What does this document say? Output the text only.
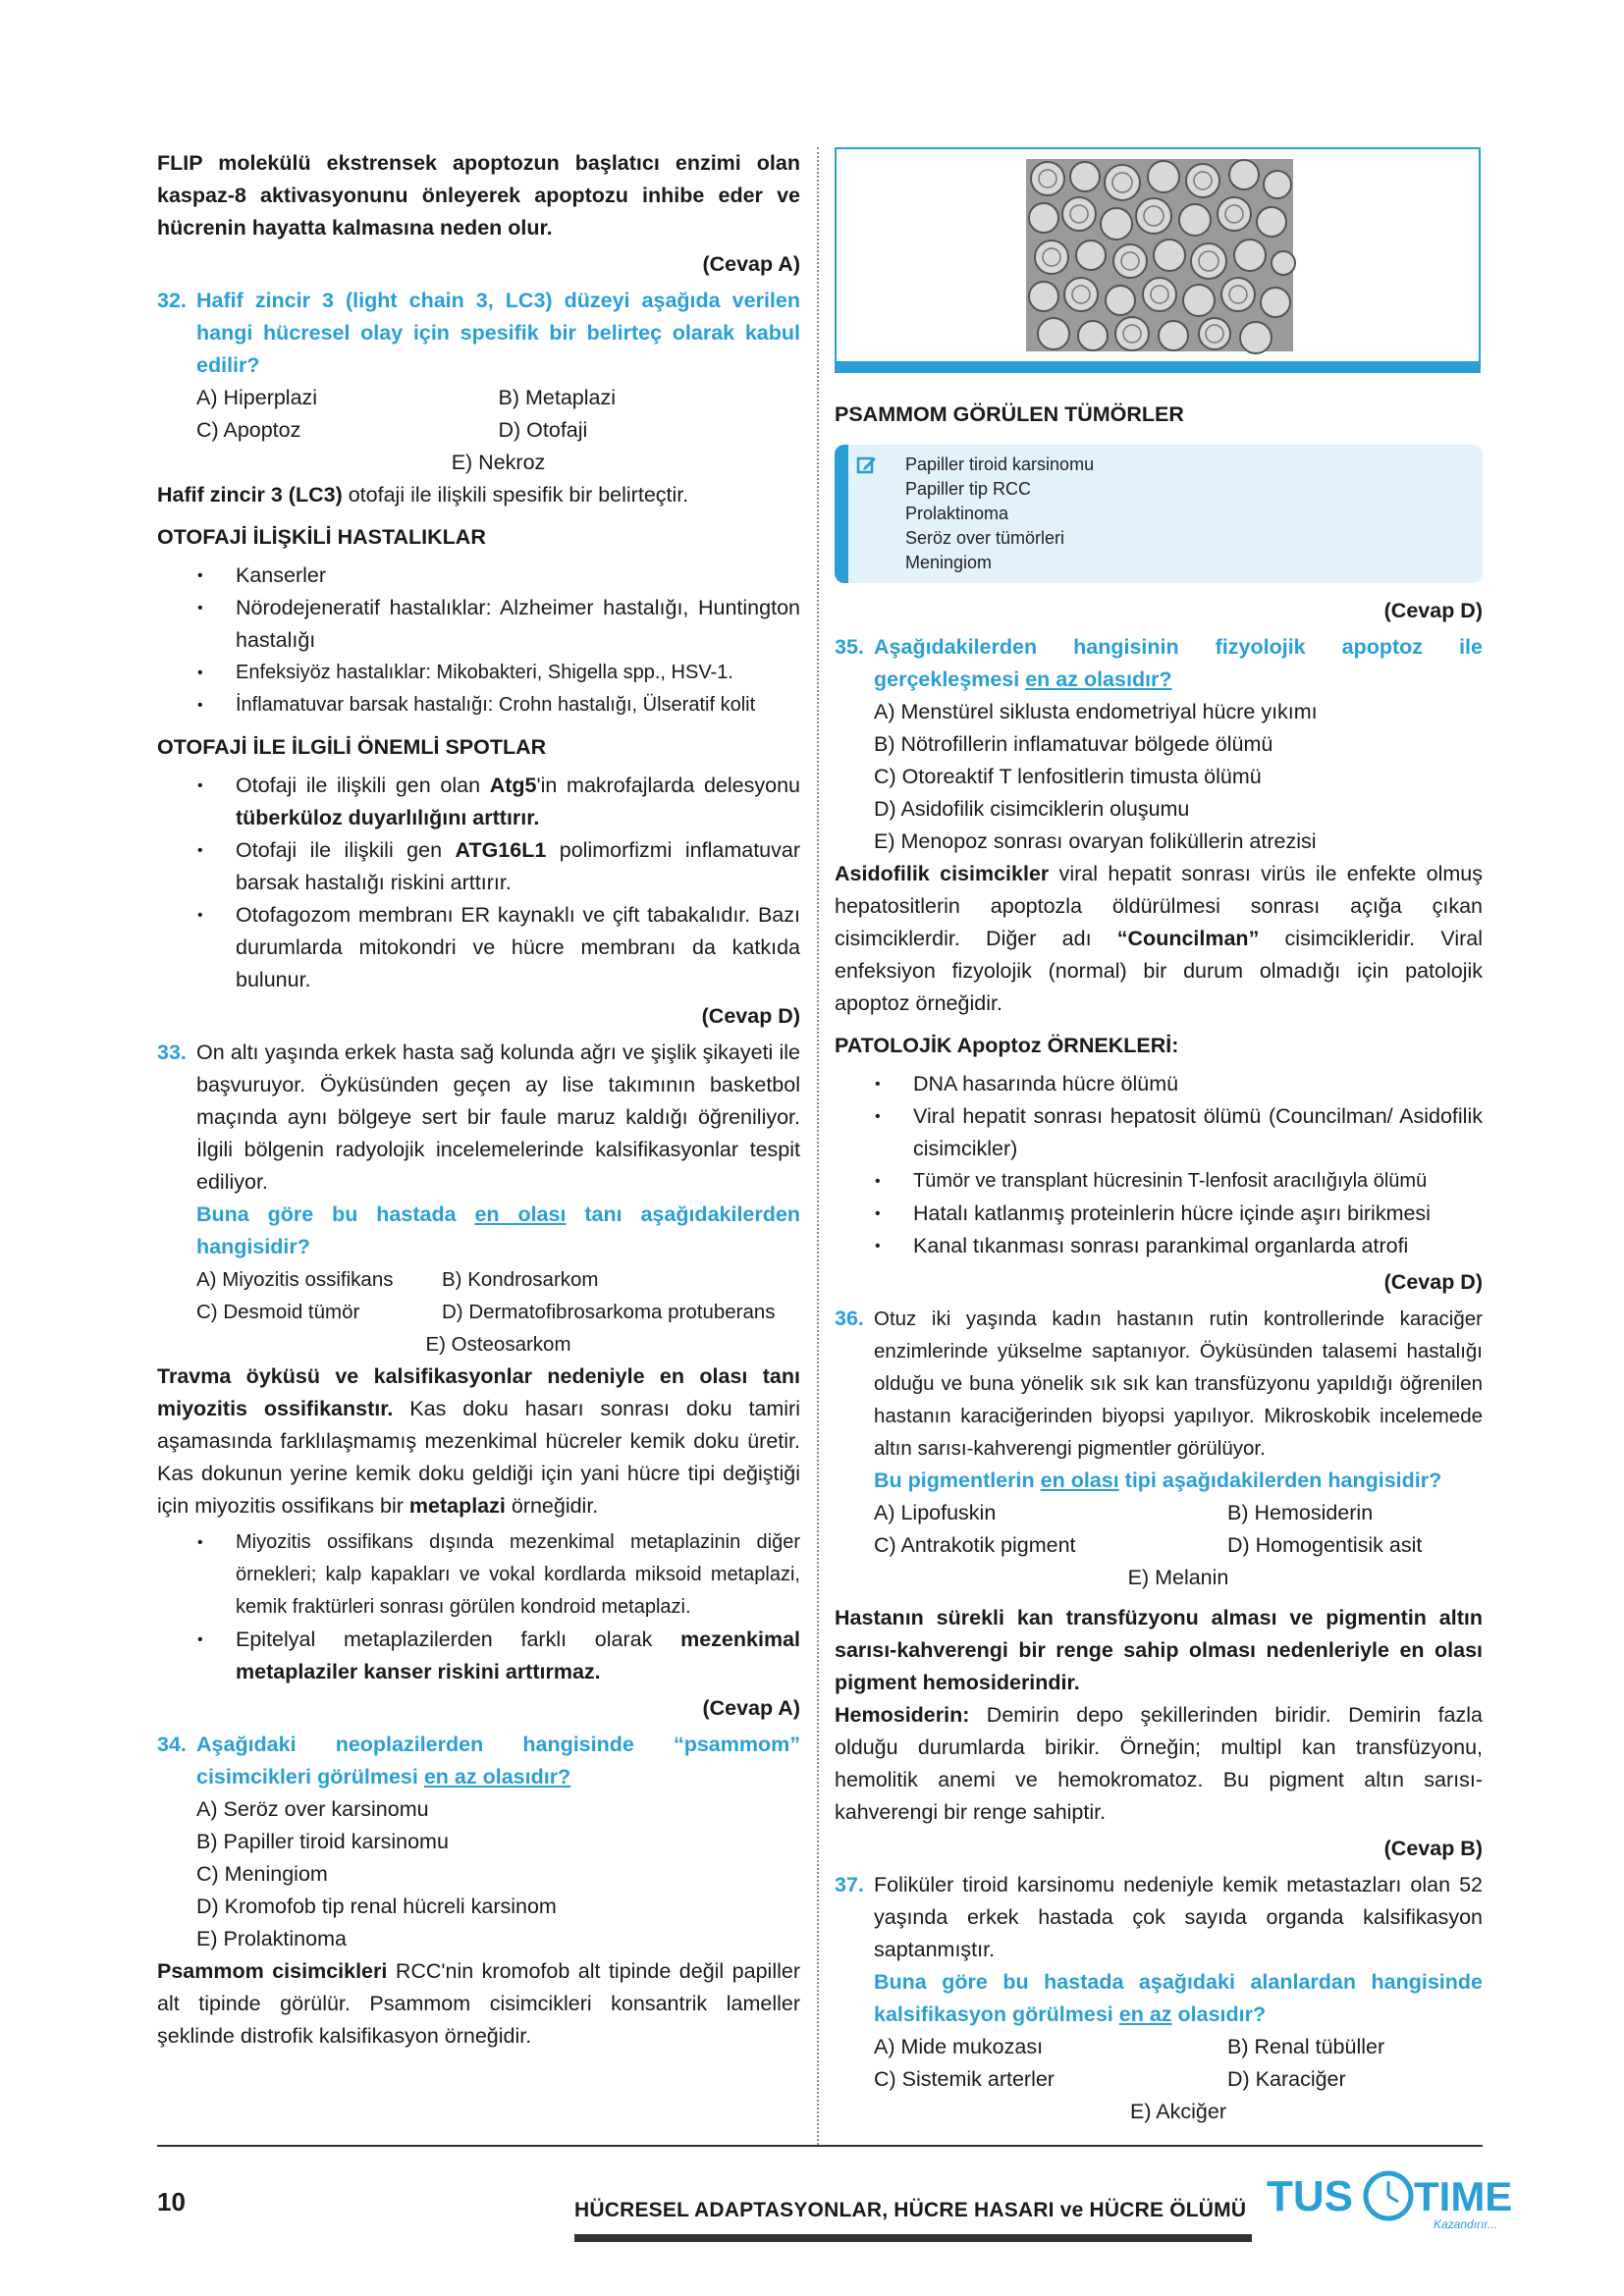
FLIP molekülü ekstrensek apoptozun başlatıcı enzimi olan kaspaz-8 aktivasyonunu önleyerek apoptozu inhibe eder ve hücrenin hayatta kalmasına neden olur.

(Cevap A)

32. Hafif zincir 3 (light chain 3, LC3) düzeyi aşağıda verilen hangi hücresel olay için spesifik bir belirteç olarak kabul edilir?
A) Hiperplazi	B) Metaplazi
C) Apoptoz	D) Otofaji
E) Nekroz

Hafif zincir 3 (LC3) otofaji ile ilişkili spesifik bir belirteçtir.

OTOFAJİ İLİŞKİLİ HASTALIKLAR
• Kanserler
• Nörodejeneratif hastalıklar: Alzheimer hastalığı, Huntington hastalığı
• Enfeksiyöz hastalıklar: Mikobakteri, Shigella spp., HSV-1.
• İnflamatuvar barsak hastalığı: Crohn hastalığı, Ülseratif kolit
OTOFAJİ İLE İLGİLİ ÖNEMLİ SPOTLAR
• Otofaji ile ilişkili gen olan Atg5'in makrofajlarda delesyonu tüberküloz duyarlılığını arttırır.
• Otofaji ile ilişkili gen ATG16L1 polimorfizmi inflamatuvar barsak hastalığı riskini arttırır.
• Otofagozom membranı ER kaynaklı ve çift tabakalıdır. Bazı durumlarda mitokondri ve hücre membranı da katkıda bulunur.

(Cevap D)

33. On altı yaşında erkek hasta sağ kolunda ağrı ve şişlik şikayeti ile başvuruyor. Öyküsünden geçen ay lise takımının basketbol maçında aynı bölgeye sert bir faule maruz kaldığı öğreniliyor. İlgili bölgenin radyolojik incelemelerinde kalsifikasyonlar tespit ediliyor.
Buna göre bu hastada en olası tanı aşağıdakilerden hangisidir?
A) Miyozitis ossifikans	B) Kondrosarkom
C) Desmoid tümör	D) Dermatofibrosarkoma protuberans
E) Osteosarkom

Travma öyküsü ve kalsifikasyonlar nedeniyle en olası tanı miyozitis ossifikanstır. Kas doku hasarı sonrası doku tamiri aşamasında farklılaşmamış mezenkimal hücreler kemik doku üretir. Kas dokunun yerine kemik doku geldiği için yani hücre tipi değiştiği için miyozitis ossifikans bir metaplazi örneğidir.

• Miyozitis ossifikans dışında mezenkimal metaplazinin diğer örnekleri; kalp kapakları ve vokal kordlarda miksoid metaplazi, kemik fraktürleri sonrası görülen kondroid metaplazi.
• Epitelyal metaplazilerden farklı olarak mezenkimal metaplaziler kanser riskini arttırmaz.

(Cevap A)

34. Aşağıdaki neoplazilerden hangisinde “psammom” cisimcikleri görülmesi en az olasıdır?
A) Seröz over karsinomu
B) Papiller tiroid karsinomu
C) Meningiom
D) Kromofob tip renal hücreli karsinom
E) Prolaktinoma

Psammom cisimcikleri RCC'nin kromofob alt tipinde değil papiller alt tipinde görülür. Psammom cisimcikleri konsantrik lameller şeklinde distrofik kalsifikasyon örneğidir.

PSAMMOM GÖRÜLEN TÜMÖRLER
Papiller tiroid karsinomu
Papiller tip RCC
Prolaktinoma
Seröz over tümörleri
Meningiom

(Cevap D)

35. Aşağıdakilerden hangisinin fizyolojik apoptoz ile gerçekleşmesi en az olasıdır?
A) Menstürel siklusta endometriyal hücre yıkımı
B) Nötrofillerin inflamatuvar bölgede ölümü
C) Otoreaktif T lenfositlerin timusta ölümü
D) Asidofilik cisimciklerin oluşumu
E) Menopoz sonrası ovaryan foliküllerin atrezisi

Asidofilik cisimcikler viral hepatit sonrası virüs ile enfekte olmuş hepatositlerin apoptozla öldürülmesi sonrası açığa çıkan cisimciklerdir. Diğer adı “Councilman” cisimcikleridir. Viral enfeksiyon fizyolojik (normal) bir durum olmadığı için patolojik apoptoz örneğidir.

PATOLOJİK Apoptoz ÖRNEKLERİ:
• DNA hasarında hücre ölümü
• Viral hepatit sonrası hepatosit ölümü (Councilman/ Asidofilik cisimcikler)
• Tümör ve transplant hücresinin T-lenfosit aracılığıyla ölümü
• Hatalı katlanmış proteinlerin hücre içinde aşırı birikmesi
• Kanal tıkanması sonrası parankimal organlarda atrofi

(Cevap D)

36. Otuz iki yaşında kadın hastanın rutin kontrollerinde karaciğer enzimlerinde yükselme saptanıyor. Öyküsünden talasemi hastalığı olduğu ve buna yönelik sık sık kan transfüzyonu yapıldığı öğrenilen hastanın karaciğerinden biyopsi yapılıyor. Mikroskobik incelemede altın sarısı-kahverengi pigmentler görülüyor.
Bu pigmentlerin en olası tipi aşağıdakilerden hangisidir?
A) Lipofuskin	B) Hemosiderin
C) Antrakotik pigment	D) Homogentisik asit
E) Melanin

Hastanın sürekli kan transfüzyonu alması ve pigmentin altın sarısı-kahverengi bir renge sahip olması nedenleriyle en olası pigment hemosiderindir.

Hemosiderin: Demirin depo şekillerinden biridir. Demirin fazla olduğu durumlarda birikir. Örneğin; multipl kan transfüzyonu, hemolitik anemi ve hemokromatoz. Bu pigment altın sarısı-kahverengi bir renge sahiptir.

(Cevap B)

37. Foliküler tiroid karsinomu nedeniyle kemik metastazları olan 52 yaşında erkek hastada çok sayıda organda kalsifikasyon saptanmıştır.
Buna göre bu hastada aşağıdaki alanlardan hangisinde kalsifikasyon görülmesi en az olasıdır?
A) Mide mukozası	B) Renal tübüller
C) Sistemik arterler	D) Karaciğer
E) Akciğer
10	HÜCRESEL ADAPTASYONLAR, HÜCRE HASARI ve HÜCRE ÖLÜMÜ TUS TIME
Kazandırır...
